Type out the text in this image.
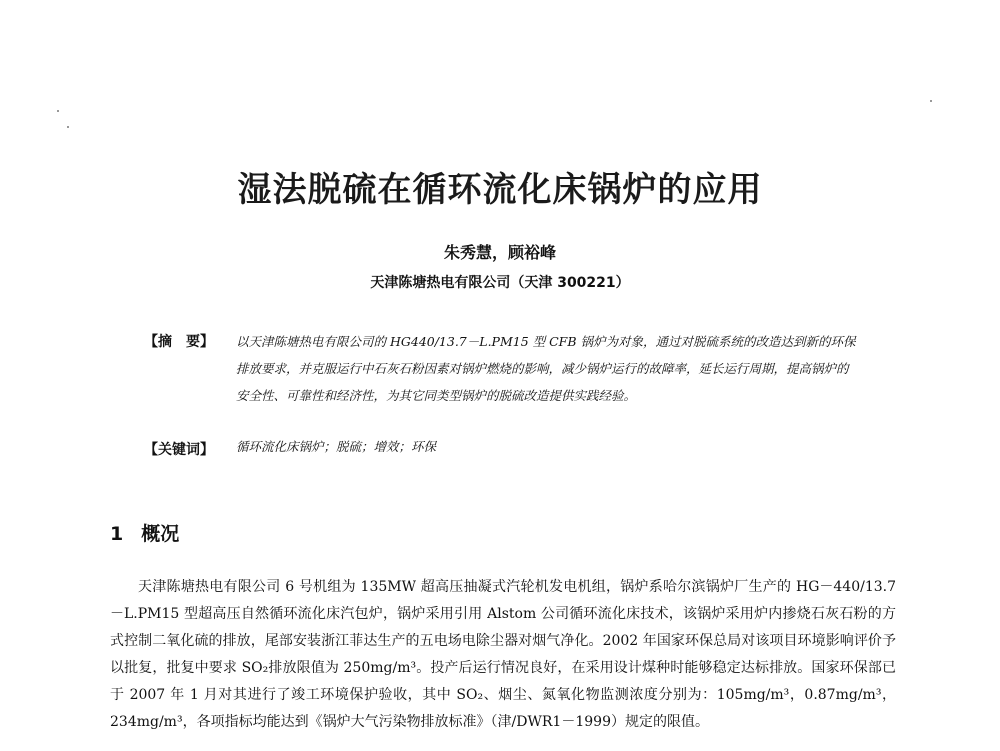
湿法脱硫在循环流化床锅炉的应用
朱秀慧，顾裕峰
天津陈塘热电有限公司（天津 300221）
【摘　要】 以天津陈塘热电有限公司的 HG440/13.7－L.PM15 型 CFB 锅炉为对象，通过对脱硫系统的改造达到新的环保排放要求，并克服运行中石灰石粉因素对锅炉燃烧的影响，减少锅炉运行的故障率，延长运行周期，提高锅炉的安全性、可靠性和经济性，为其它同类型锅炉的脱硫改造提供实践经验。
【关键词】 循环流化床锅炉；脱硫；增效；环保
1 概况
天津陈塘热电有限公司 6 号机组为 135MW 超高压抽凝式汽轮机发电机组，锅炉系哈尔滨锅炉厂生产的 HG－440/13.7－L.PM15 型超高压自然循环流化床汽包炉，锅炉采用引用 Alstom 公司循环流化床技术，该锅炉采用炉内掺烧石灰石粉的方式控制二氧化硫的排放，尾部安装浙江菲达生产的五电场电除尘器对烟气净化。2002 年国家环保总局对该项目环境影响评价予以批复，批复中要求 SO₂排放限值为 250mg/m³。投产后运行情况良好，在采用设计煤种时能够稳定达标排放。国家环保部已于 2007 年 1 月对其进行了竣工环境保护验收，其中 SO₂、烟尘、氮氧化物监测浓度分别为：105mg/m³，0.87mg/m³，234mg/m³，各项指标均能达到《锅炉大气污染物排放标准》（津/DWR1－1999）规定的限值。
